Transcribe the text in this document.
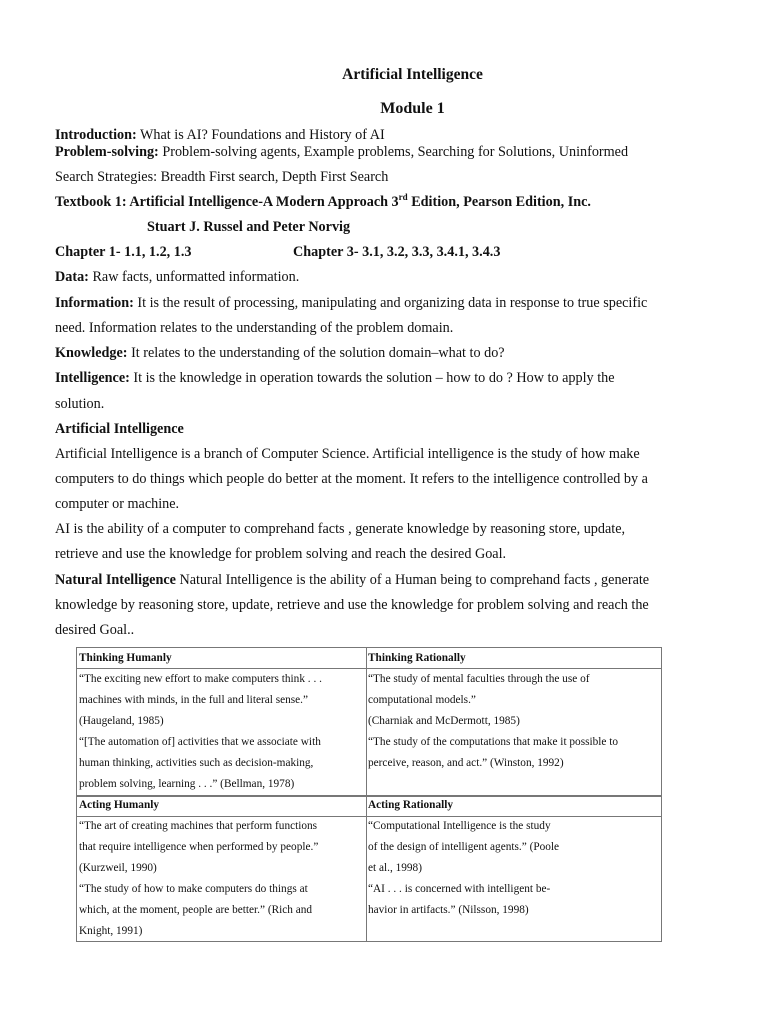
Artificial Intelligence
Module 1
Introduction: What is AI? Foundations and History of AI
Problem-solving: Problem-solving agents, Example problems, Searching for Solutions, Uninformed
Search Strategies: Breadth First search, Depth First Search
Textbook 1: Artificial Intelligence-A Modern Approach 3rd Edition, Pearson Edition, Inc.
Stuart J. Russel and Peter Norvig
Chapter 1- 1.1, 1.2, 1.3	Chapter 3- 3.1, 3.2, 3.3, 3.4.1, 3.4.3
Data: Raw facts, unformatted information.
Information: It is the result of processing, manipulating and organizing data in response to true specific
need. Information relates to the understanding of the problem domain.
Knowledge: It relates to the understanding of the solution domain–what to do?
Intelligence: It is the knowledge in operation towards the solution – how to do ? How to apply the
solution.
Artificial Intelligence
Artificial Intelligence is a branch of Computer Science. Artificial intelligence is the study of how make
computers to do things which people do better at the moment. It refers to the intelligence controlled by a
computer or machine.
AI is the ability of a computer to comprehand facts , generate knowledge by reasoning store, update,
retrieve and use the knowledge for problem solving and reach the desired Goal.
Natural Intelligence Natural Intelligence is the ability of a Human being to comprehand facts , generate
knowledge by reasoning store, update, retrieve and use the knowledge for problem solving and reach the
desired Goal..
Thinking Humanly
“The exciting new effort to make computers think . . .
machines with minds, in the full and literal sense.”
(Haugeland, 1985)
“[The automation of] activities that we associate with
human thinking, activities such as decision-making,
problem solving, learning . . .” (Bellman, 1978)
Thinking Rationally
“The study of mental faculties through the use of
computational models.”
(Charniak and McDermott, 1985)
“The study of the computations that make it possible to
perceive, reason, and act.” (Winston, 1992)
Acting Humanly
“The art of creating machines that perform functions
that require intelligence when performed by people.”
(Kurzweil, 1990)
“The study of how to make computers do things at
which, at the moment, people are better.” (Rich and
Knight, 1991)
Acting Rationally
“Computational Intelligence is the study
of the design of intelligent agents.” (Poole
et al., 1998)
“AI . . . is concerned with intelligent be-
havior in artifacts.” (Nilsson, 1998)
